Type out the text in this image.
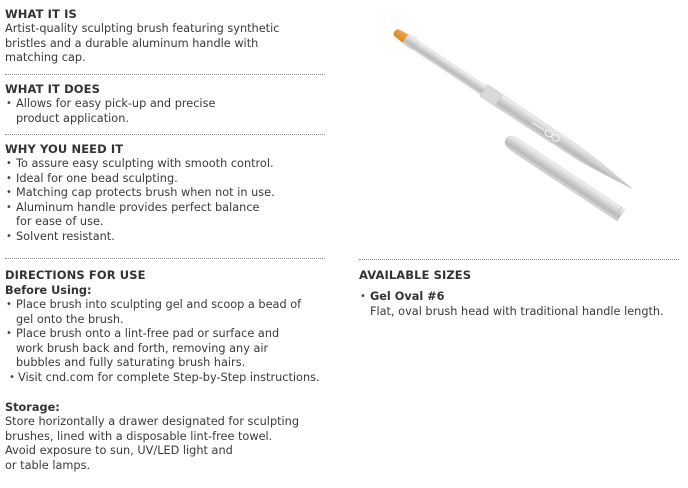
WHAT IT IS
Artist-quality sculpting brush featuring synthetic
bristles and a durable aluminum handle with
matching cap.
WHAT IT DOES
• Allows for easy pick-up and precise
product application.
WHY YOU NEED IT
• To assure easy sculpting with smooth control.
• Ideal for one bead sculpting.
• Matching cap protects brush when not in use.
• Aluminum handle provides perfect balance
for ease of use.
• Solvent resistant.
DIRECTIONS FOR USE
Before Using:
• Place brush into sculpting gel and scoop a bead of
gel onto the brush.
• Place brush onto a lint-free pad or surface and
work brush back and forth, removing any air
bubbles and fully saturating brush hairs.
• Visit cnd.com for complete Step-by-Step instructions.
Storage:
Store horizontally a drawer designated for sculpting
brushes, lined with a disposable lint-free towel.
Avoid exposure to sun, UV/LED light and
or table lamps.
AVAILABLE SIZES
• Gel Oval #6
Flat, oval brush head with traditional handle length.
